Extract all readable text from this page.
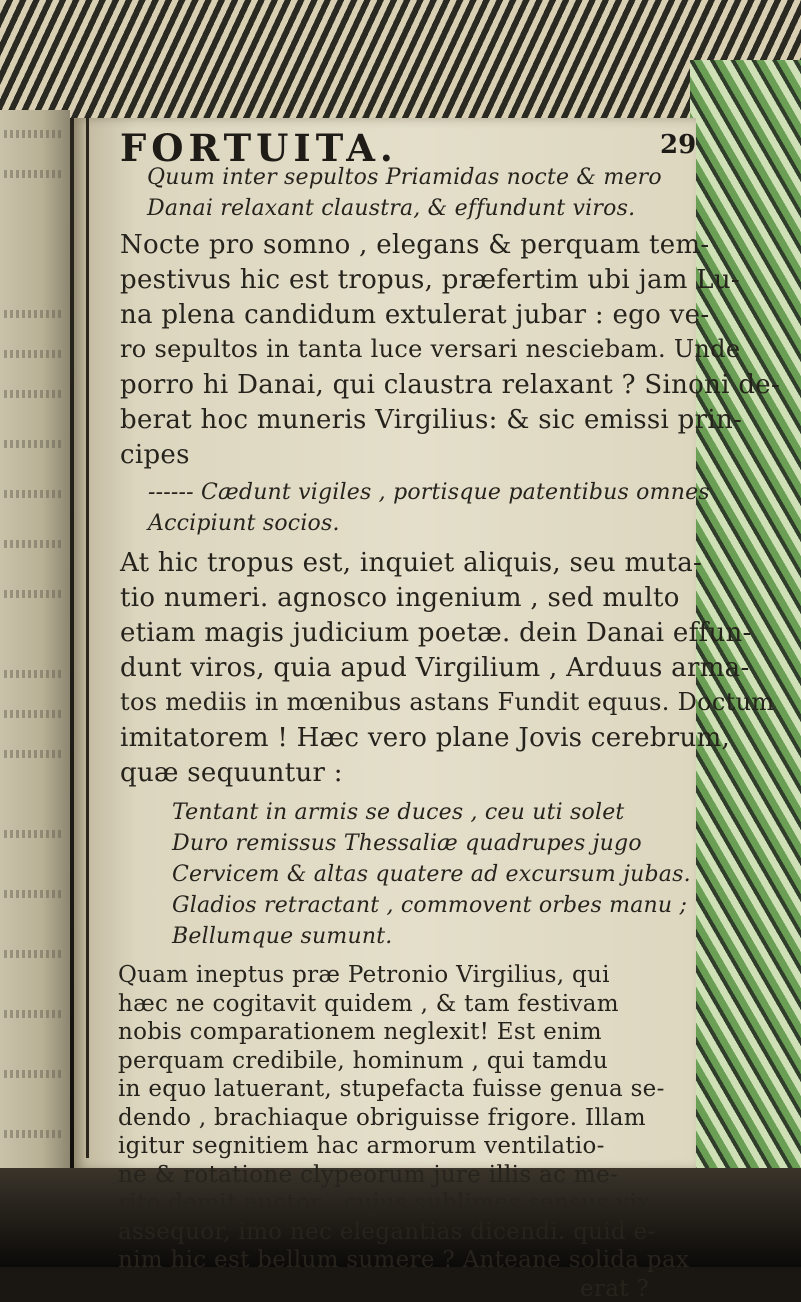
FORTUITA.	29
Quum inter sepultos Priamidas nocte & mero
Danai relaxant claustra, & effundunt viros.
Nocte pro somno , elegans & perquam tem-
pestivus hic est tropus, præfertim ubi jam Lu-
na plena candidum extulerat jubar : ego ve-
ro sepultos in tanta luce versari nesciebam. Unde
porro hi Danai, qui claustra relaxant ? Sinoni de-
berat hoc muneris Virgilius: & sic emissi prin-
cipes
------ Cædunt vigiles , portisque patentibus omnes
Accipiunt socios.
At hic tropus est, inquiet aliquis, seu muta-
tio numeri. agnosco ingenium , sed multo
etiam magis judicium poetæ. dein Danai effun-
dunt viros, quia apud Virgilium , Arduus arma-
tos mediis in mœnibus astans Fundit equus. Doctum
imitatorem ! Hæc vero plane Jovis cerebrum,
quæ sequuntur :
Tentant in armis se duces , ceu uti solet
Duro remissus Thessaliæ quadrupes jugo
Cervicem & altas quatere ad excursum jubas.
Gladios retractant , commovent orbes manu ;
Bellumque sumunt.
Quam ineptus præ Petronio Virgilius, qui
hæc ne cogitavit quidem , & tam festivam
nobis comparationem neglexit! Est enim
perquam credibile, hominum , qui tamdu
in equo latuerant, stupefacta fuisse genua se-
dendo , brachiaque obriguisse frigore. Illam
igitur segnitiem hac armorum ventilatio-
ne & rotatione clypeorum jure illis ac me-
rito demit auctor , cujus sublimes sensus vix
assequor, imo nec elegantias dicendi. quid e-
nim hic est bellum sumere ? Anteane solida pax
erat ?
